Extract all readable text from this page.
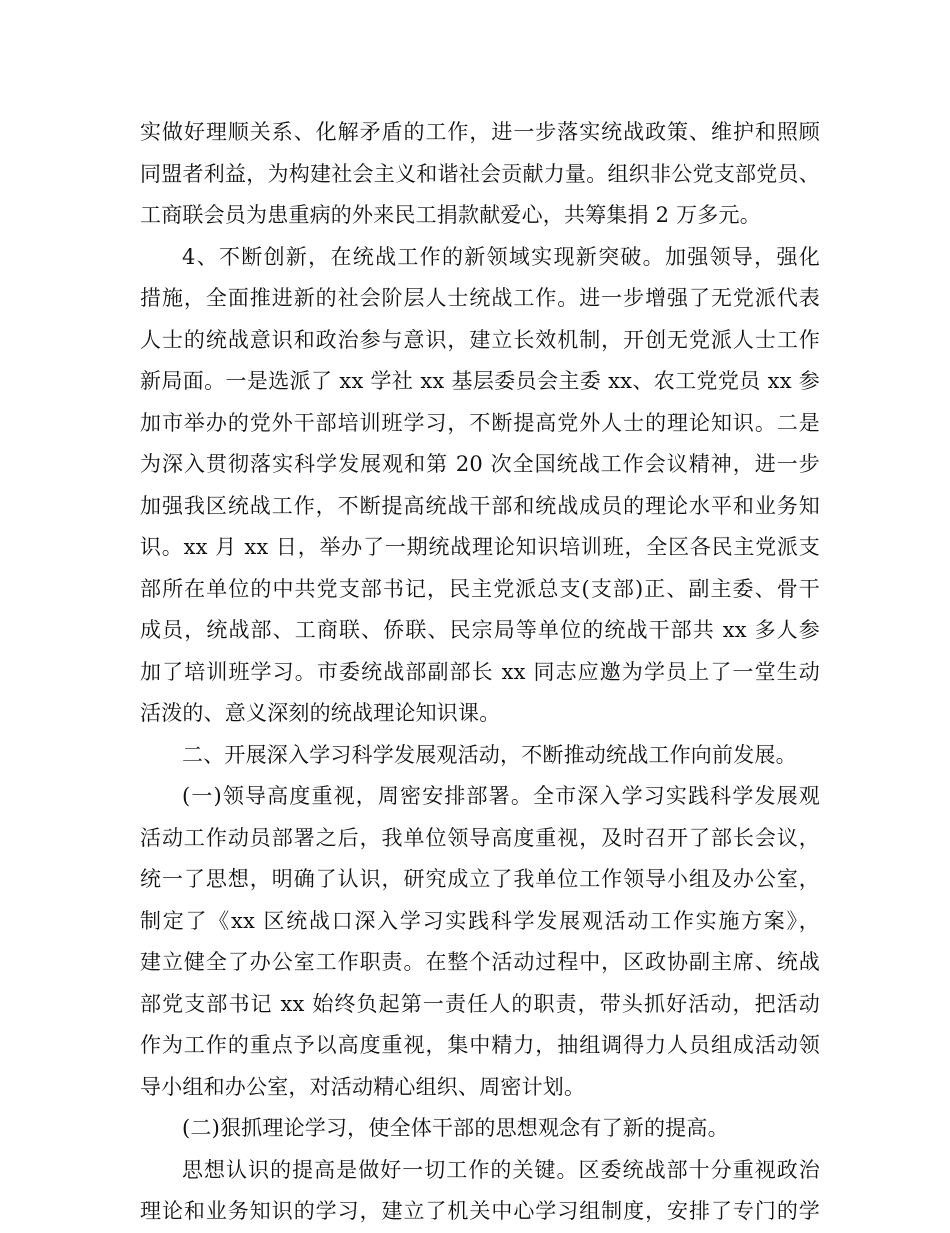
实做好理顺关系、化解矛盾的工作，进一步落实统战政策、维护和照顾
同盟者利益，为构建社会主义和谐社会贡献力量。组织非公党支部党员、
工商联会员为患重病的外来民工捐款献爱心，共筹集捐 2 万多元。
4、不断创新，在统战工作的新领域实现新突破。加强领导，强化
措施，全面推进新的社会阶层人士统战工作。进一步增强了无党派代表
人士的统战意识和政治参与意识，建立长效机制，开创无党派人士工作
新局面。一是选派了 xx 学社 xx 基层委员会主委 xx、农工党党员 xx 参
加市举办的党外干部培训班学习，不断提高党外人士的理论知识。二是
为深入贯彻落实科学发展观和第 20 次全国统战工作会议精神，进一步
加强我区统战工作，不断提高统战干部和统战成员的理论水平和业务知
识。xx 月 xx 日，举办了一期统战理论知识培训班，全区各民主党派支
部所在单位的中共党支部书记，民主党派总支(支部)正、副主委、骨干
成员，统战部、工商联、侨联、民宗局等单位的统战干部共 xx 多人参
加了培训班学习。市委统战部副部长 xx 同志应邀为学员上了一堂生动
活泼的、意义深刻的统战理论知识课。
二、开展深入学习科学发展观活动，不断推动统战工作向前发展。
(一)领导高度重视，周密安排部署。全市深入学习实践科学发展观
活动工作动员部署之后，我单位领导高度重视，及时召开了部长会议，
统一了思想，明确了认识，研究成立了我单位工作领导小组及办公室，
制定了《xx 区统战口深入学习实践科学发展观活动工作实施方案》，
建立健全了办公室工作职责。在整个活动过程中，区政协副主席、统战
部党支部书记 xx 始终负起第一责任人的职责，带头抓好活动，把活动
作为工作的重点予以高度重视，集中精力，抽组调得力人员组成活动领
导小组和办公室，对活动精心组织、周密计划。
(二)狠抓理论学习，使全体干部的思想观念有了新的提高。
思想认识的提高是做好一切工作的关键。区委统战部十分重视政治
理论和业务知识的学习，建立了机关中心学习组制度，安排了专门的学
